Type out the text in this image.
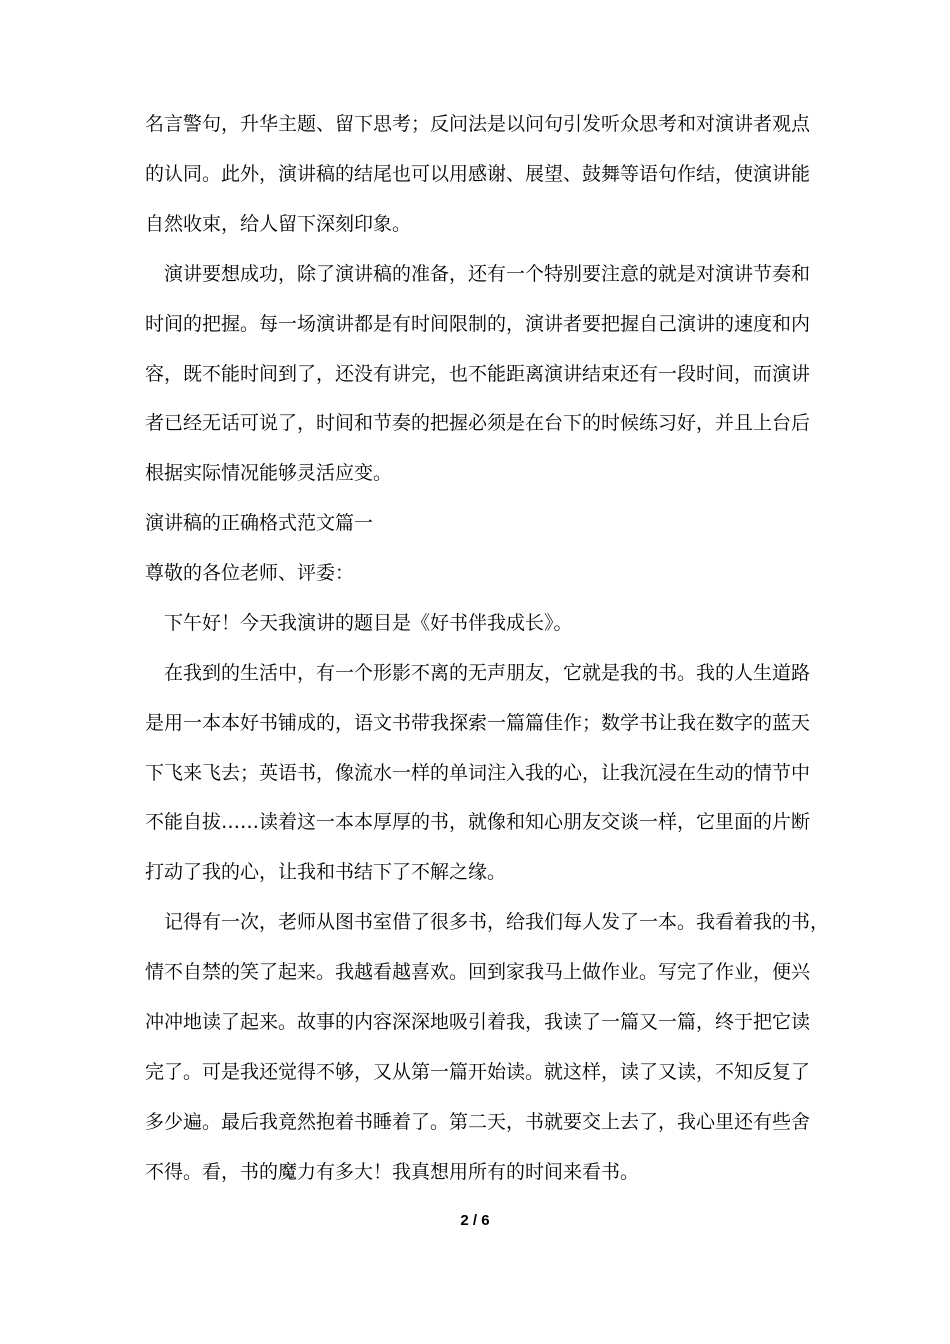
名言警句，升华主题、留下思考；反问法是以问句引发听众思考和对演讲者观点
的认同。此外，演讲稿的结尾也可以用感谢、展望、鼓舞等语句作结，使演讲能
自然收束，给人留下深刻印象。
　演讲要想成功，除了演讲稿的准备，还有一个特别要注意的就是对演讲节奏和
时间的把握。每一场演讲都是有时间限制的，演讲者要把握自己演讲的速度和内
容，既不能时间到了，还没有讲完，也不能距离演讲结束还有一段时间，而演讲
者已经无话可说了，时间和节奏的把握必须是在台下的时候练习好，并且上台后
根据实际情况能够灵活应变。
演讲稿的正确格式范文篇一
尊敬的各位老师、评委：
　下午好！今天我演讲的题目是《好书伴我成长》。
　在我到的生活中，有一个形影不离的无声朋友，它就是我的书。我的人生道路
是用一本本好书铺成的，语文书带我探索一篇篇佳作；数学书让我在数字的蓝天
下飞来飞去；英语书，像流水一样的单词注入我的心，让我沉浸在生动的情节中
不能自拔……读着这一本本厚厚的书，就像和知心朋友交谈一样，它里面的片断
打动了我的心，让我和书结下了不解之缘。
　记得有一次，老师从图书室借了很多书，给我们每人发了一本。我看着我的书，
情不自禁的笑了起来。我越看越喜欢。回到家我马上做作业。写完了作业，便兴
冲冲地读了起来。故事的内容深深地吸引着我，我读了一篇又一篇，终于把它读
完了。可是我还觉得不够，又从第一篇开始读。就这样，读了又读，不知反复了
多少遍。最后我竟然抱着书睡着了。第二天，书就要交上去了，我心里还有些舍
不得。看，书的魔力有多大！我真想用所有的时间来看书。
2 / 6
